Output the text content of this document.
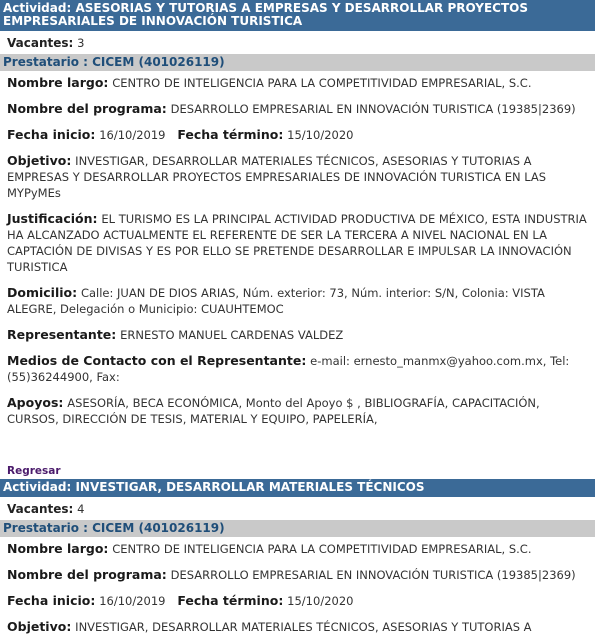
Actividad: ASESORIAS Y TUTORIAS A EMPRESAS Y DESARROLLAR PROYECTOS EMPRESARIALES DE INNOVACIÓN TURISTICA
Vacantes: 3
Prestatario : CICEM (401026119)
Nombre largo: CENTRO DE INTELIGENCIA PARA LA COMPETITIVIDAD EMPRESARIAL, S.C.
Nombre del programa: DESARROLLO EMPRESARIAL EN INNOVACIÓN TURISTICA (19385|2369)
Fecha inicio: 16/10/2019 Fecha término: 15/10/2020
Objetivo: INVESTIGAR, DESARROLLAR MATERIALES TÉCNICOS, ASESORIAS Y TUTORIAS A EMPRESAS Y DESARROLLAR PROYECTOS EMPRESARIALES DE INNOVACIÓN TURISTICA EN LAS MYPyMEs
Justificación: EL TURISMO ES LA PRINCIPAL ACTIVIDAD PRODUCTIVA DE MÉXICO, ESTA INDUSTRIA HA ALCANZADO ACTUALMENTE EL REFERENTE DE SER LA TERCERA A NIVEL NACIONAL EN LA CAPTACIÓN DE DIVISAS Y ES POR ELLO SE PRETENDE DESARROLLAR E IMPULSAR LA INNOVACIÓN TURISTICA
Domicilio: Calle: JUAN DE DIOS ARIAS, Núm. exterior: 73, Núm. interior: S/N, Colonia: VISTA ALEGRE, Delegación o Municipio: CUAUHTEMOC
Representante: ERNESTO MANUEL CARDENAS VALDEZ
Medios de Contacto con el Representante: e-mail: ernesto_manmx@yahoo.com.mx, Tel: (55)36244900, Fax:
Apoyos: ASESORÍA, BECA ECONÓMICA, Monto del Apoyo $ , BIBLIOGRAFÍA, CAPACITACIÓN, CURSOS, DIRECCIÓN DE TESIS, MATERIAL Y EQUIPO, PAPELERÍA,
Regresar
Actividad: INVESTIGAR, DESARROLLAR MATERIALES TÉCNICOS
Vacantes: 4
Prestatario : CICEM (401026119)
Nombre largo: CENTRO DE INTELIGENCIA PARA LA COMPETITIVIDAD EMPRESARIAL, S.C.
Nombre del programa: DESARROLLO EMPRESARIAL EN INNOVACIÓN TURISTICA (19385|2369)
Fecha inicio: 16/10/2019 Fecha término: 15/10/2020
Objetivo: INVESTIGAR, DESARROLLAR MATERIALES TÉCNICOS, ASESORIAS Y TUTORIAS A
